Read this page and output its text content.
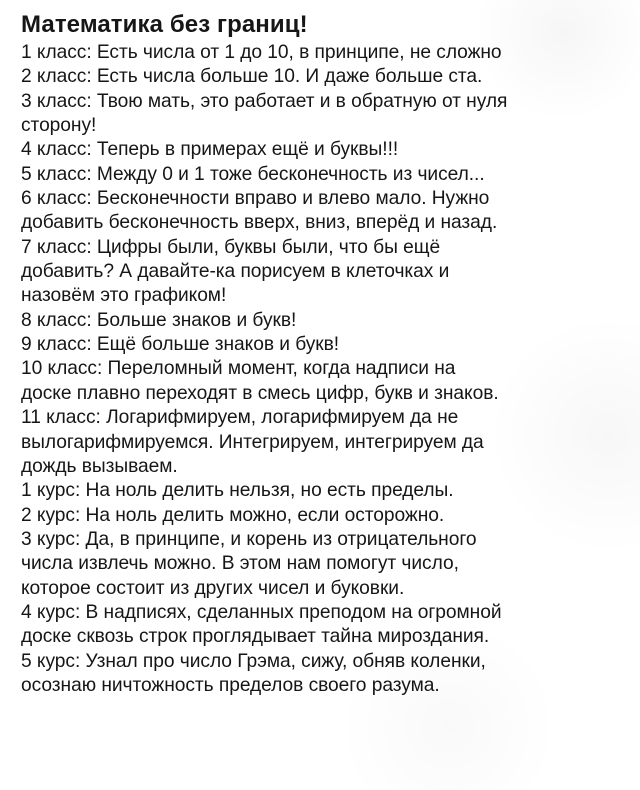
Математика без границ!
1 класс: Есть числа от 1 до 10, в принципе, не сложно
2 класс: Есть числа больше 10. И даже больше ста.
3 класс: Твою мать, это работает и в обратную от нуля
сторону!
4 класс: Теперь в примерах ещё и буквы!!!
5 класс: Между 0 и 1 тоже бесконечность из чисел...
6 класс: Бесконечности вправо и влево мало. Нужно
добавить бесконечность вверх, вниз, вперёд и назад.
7 класс: Цифры были, буквы были, что бы ещё
добавить? А давайте-ка порисуем в клеточках и
назовём это графиком!
8 класс: Больше знаков и букв!
9 класс: Ещё больше знаков и букв!
10 класс: Переломный момент, когда надписи на
доске плавно переходят в смесь цифр, букв и знаков.
11 класс: Логарифмируем, логарифмируем да не
вылогарифмируемся. Интегрируем, интегрируем да
дождь вызываем.
1 курс: На ноль делить нельзя, но есть пределы.
2 курс: На ноль делить можно, если осторожно.
3 курс: Да, в принципе, и корень из отрицательного
числа извлечь можно. В этом нам помогут число,
которое состоит из других чисел и буковки.
4 курс: В надписях, сделанных преподом на огромной
доске сквозь строк проглядывает тайна мироздания.
5 курс: Узнал про число Грэма, сижу, обняв коленки,
осознаю ничтожность пределов своего разума.
